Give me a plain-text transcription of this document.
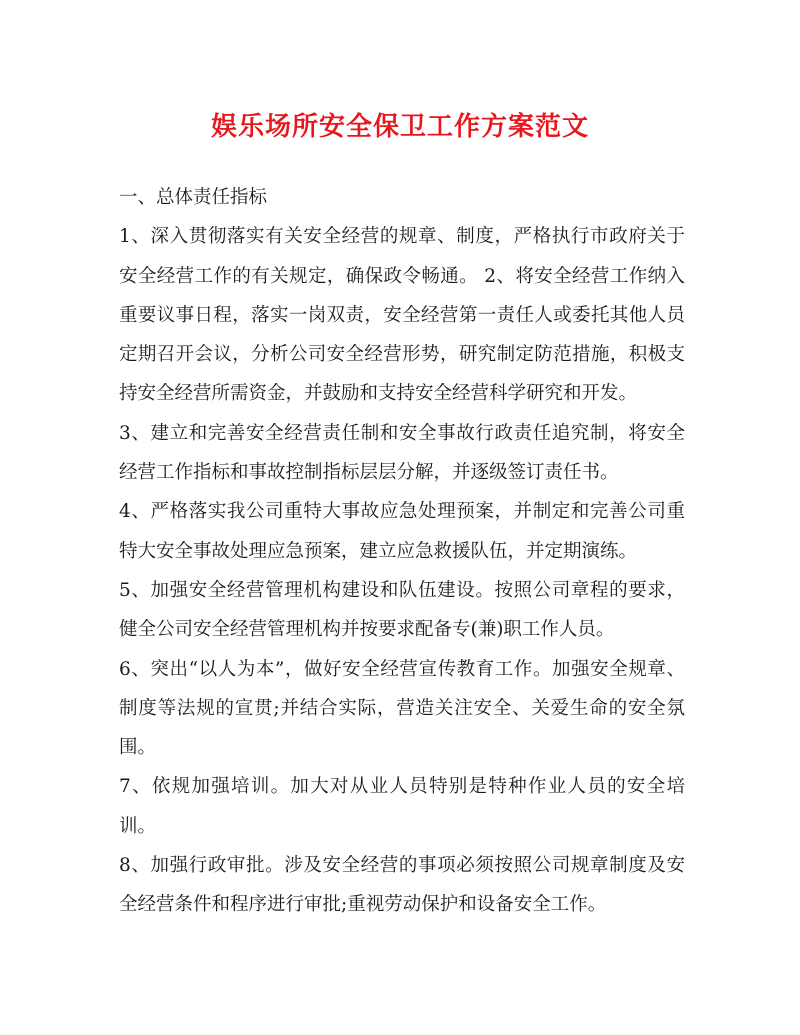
娱乐场所安全保卫工作方案范文

一、总体责任指标

1、深入贯彻落实有关安全经营的规章、制度，严格执行市政府关于安全经营工作的有关规定，确保政令畅通。 2、将安全经营工作纳入重要议事日程，落实一岗双责，安全经营第一责任人或委托其他人员定期召开会议，分析公司安全经营形势，研究制定防范措施，积极支持安全经营所需资金，并鼓励和支持安全经营科学研究和开发。

3、建立和完善安全经营责任制和安全事故行政责任追究制，将安全经营工作指标和事故控制指标层层分解，并逐级签订责任书。

4、严格落实我公司重特大事故应急处理预案，并制定和完善公司重特大安全事故处理应急预案，建立应急救援队伍，并定期演练。

5、加强安全经营管理机构建设和队伍建设。按照公司章程的要求，健全公司安全经营管理机构并按要求配备专(兼)职工作人员。

6、突出“以人为本”，做好安全经营宣传教育工作。加强安全规章、制度等法规的宣贯;并结合实际，营造关注安全、关爱生命的安全氛围。

7、依规加强培训。加大对从业人员特别是特种作业人员的安全培训。

8、加强行政审批。涉及安全经营的事项必须按照公司规章制度及安全经营条件和程序进行审批;重视劳动保护和设备安全工作。
